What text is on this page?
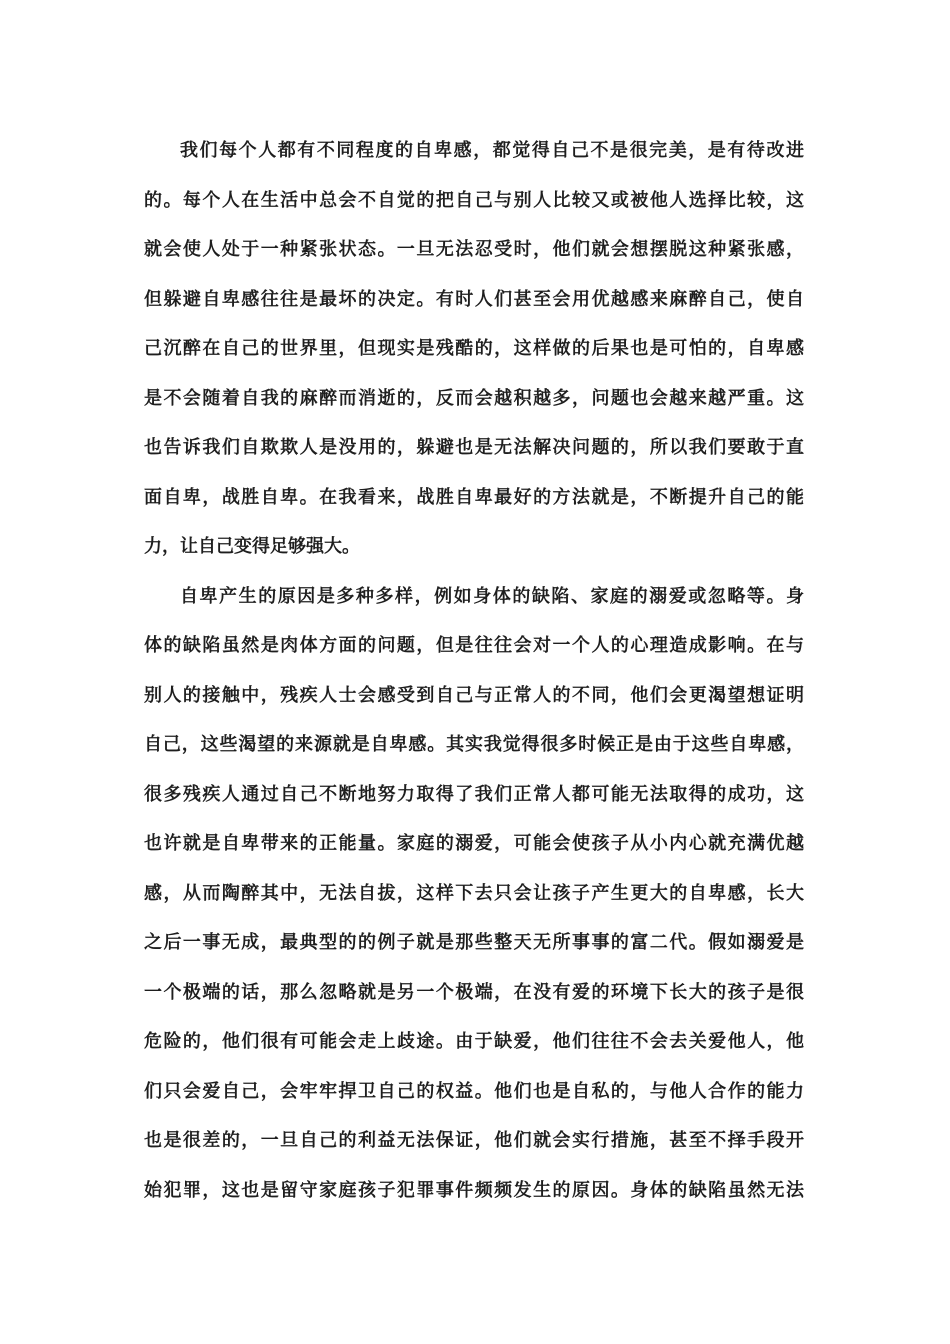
我们每个人都有不同程度的自卑感，都觉得自己不是很完美，是有待改进
的。每个人在生活中总会不自觉的把自己与别人比较又或被他人选择比较，这
就会使人处于一种紧张状态。一旦无法忍受时，他们就会想摆脱这种紧张感，
但躲避自卑感往往是最坏的决定。有时人们甚至会用优越感来麻醉自己，使自
己沉醉在自己的世界里，但现实是残酷的，这样做的后果也是可怕的，自卑感
是不会随着自我的麻醉而消逝的，反而会越积越多，问题也会越来越严重。这
也告诉我们自欺欺人是没用的，躲避也是无法解决问题的，所以我们要敢于直
面自卑，战胜自卑。在我看来，战胜自卑最好的方法就是，不断提升自己的能
力，让自己变得足够强大。
自卑产生的原因是多种多样，例如身体的缺陷、家庭的溺爱或忽略等。身
体的缺陷虽然是肉体方面的问题，但是往往会对一个人的心理造成影响。在与
别人的接触中，残疾人士会感受到自己与正常人的不同，他们会更渴望想证明
自己，这些渴望的来源就是自卑感。其实我觉得很多时候正是由于这些自卑感，
很多残疾人通过自己不断地努力取得了我们正常人都可能无法取得的成功，这
也许就是自卑带来的正能量。家庭的溺爱，可能会使孩子从小内心就充满优越
感，从而陶醉其中，无法自拔，这样下去只会让孩子产生更大的自卑感，长大
之后一事无成，最典型的的例子就是那些整天无所事事的富二代。假如溺爱是
一个极端的话，那么忽略就是另一个极端，在没有爱的环境下长大的孩子是很
危险的，他们很有可能会走上歧途。由于缺爱，他们往往不会去关爱他人，他
们只会爱自己，会牢牢捍卫自己的权益。他们也是自私的，与他人合作的能力
也是很差的，一旦自己的利益无法保证，他们就会实行措施，甚至不择手段开
始犯罪，这也是留守家庭孩子犯罪事件频频发生的原因。身体的缺陷虽然无法
